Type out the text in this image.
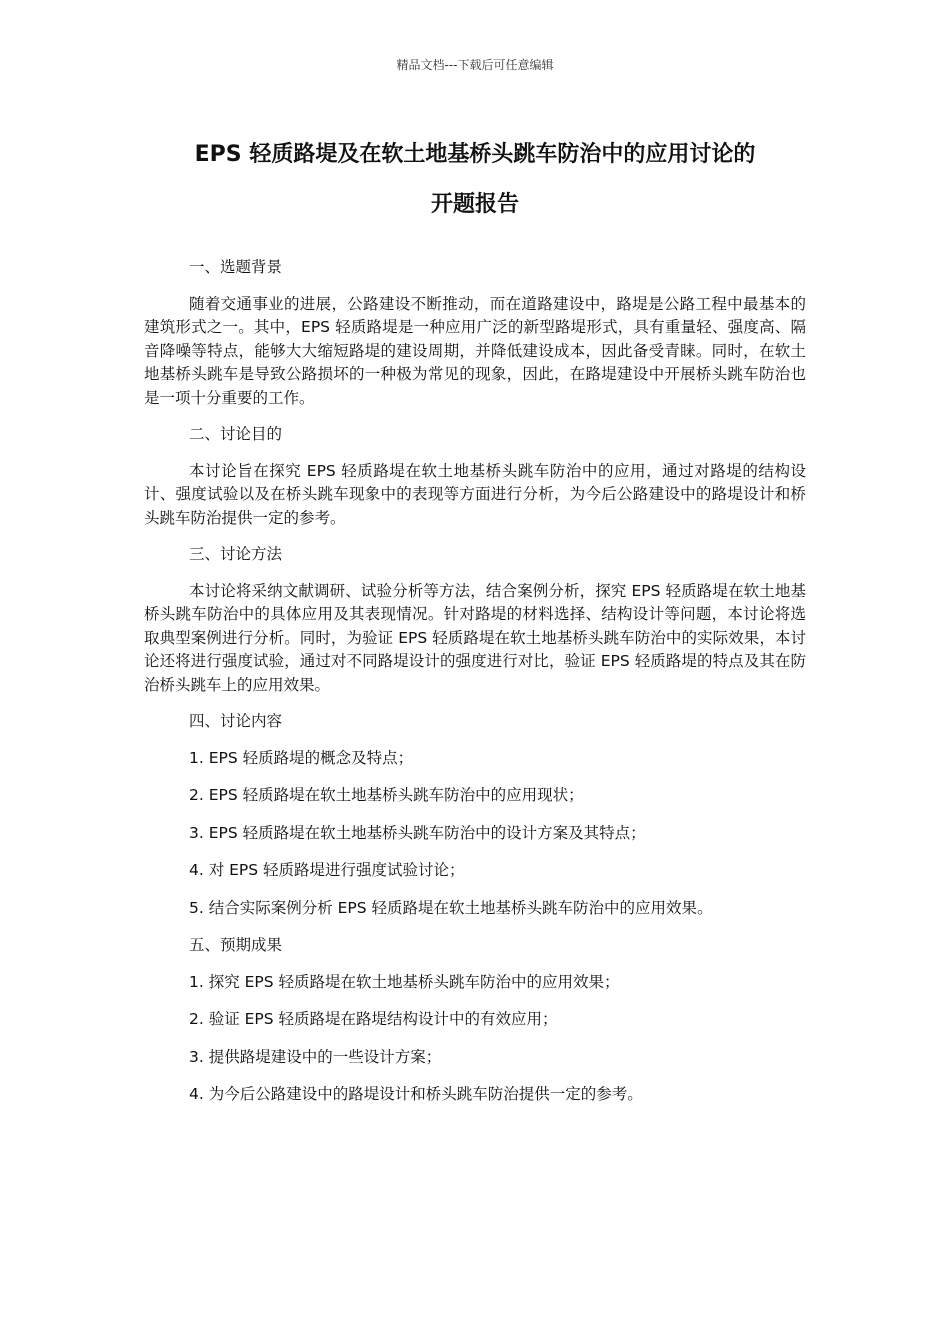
精品文档---下载后可任意编辑
EPS 轻质路堤及在软土地基桥头跳车防治中的应用讨论的
开题报告
一、选题背景
随着交通事业的进展，公路建设不断推动，而在道路建设中，路堤是公路工程中最基本的建筑形式之一。其中，EPS 轻质路堤是一种应用广泛的新型路堤形式，具有重量轻、强度高、隔音降噪等特点，能够大大缩短路堤的建设周期，并降低建设成本，因此备受青睐。同时，在软土地基桥头跳车是导致公路损坏的一种极为常见的现象，因此，在路堤建设中开展桥头跳车防治也是一项十分重要的工作。
二、讨论目的
本讨论旨在探究 EPS 轻质路堤在软土地基桥头跳车防治中的应用，通过对路堤的结构设计、强度试验以及在桥头跳车现象中的表现等方面进行分析，为今后公路建设中的路堤设计和桥头跳车防治提供一定的参考。
三、讨论方法
本讨论将采纳文献调研、试验分析等方法，结合案例分析，探究 EPS 轻质路堤在软土地基桥头跳车防治中的具体应用及其表现情况。针对路堤的材料选择、结构设计等问题，本讨论将选取典型案例进行分析。同时，为验证 EPS 轻质路堤在软土地基桥头跳车防治中的实际效果，本讨论还将进行强度试验，通过对不同路堤设计的强度进行对比，验证 EPS 轻质路堤的特点及其在防治桥头跳车上的应用效果。
四、讨论内容
1. EPS 轻质路堤的概念及特点；
2. EPS 轻质路堤在软土地基桥头跳车防治中的应用现状；
3. EPS 轻质路堤在软土地基桥头跳车防治中的设计方案及其特点；
4. 对 EPS 轻质路堤进行强度试验讨论；
5. 结合实际案例分析 EPS 轻质路堤在软土地基桥头跳车防治中的应用效果。
五、预期成果
1. 探究 EPS 轻质路堤在软土地基桥头跳车防治中的应用效果；
2. 验证 EPS 轻质路堤在路堤结构设计中的有效应用；
3. 提供路堤建设中的一些设计方案；
4. 为今后公路建设中的路堤设计和桥头跳车防治提供一定的参考。
